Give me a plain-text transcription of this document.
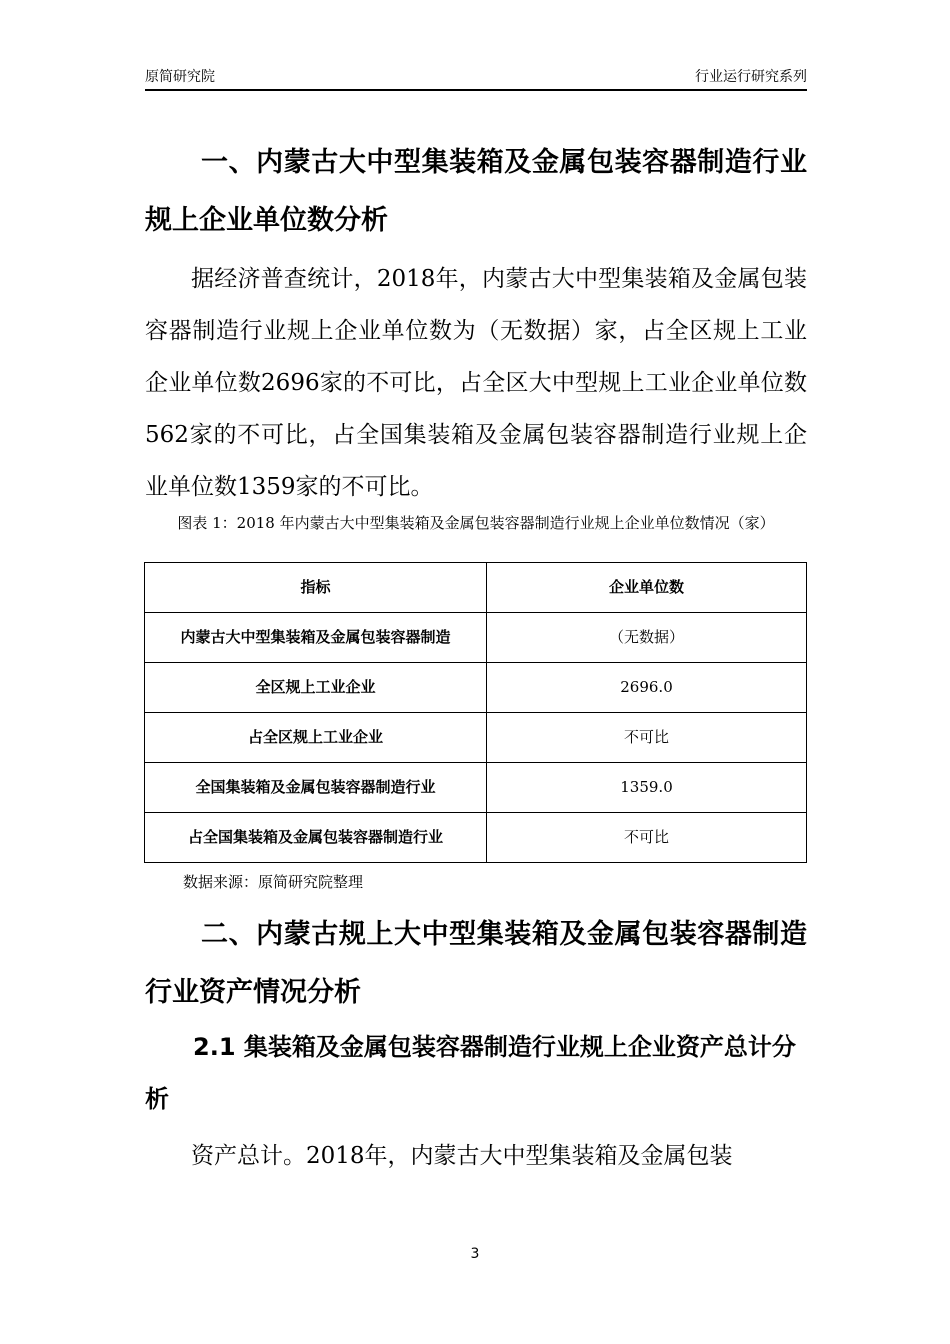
原简研究院	行业运行研究系列
一、内蒙古大中型集装箱及金属包装容器制造行业规上企业单位数分析

据经济普查统计，2018年，内蒙古大中型集装箱及金属包装容器制造行业规上企业单位数为（无数据）家，占全区规上工业企业单位数2696家的不可比，占全区大中型规上工业企业单位数562家的不可比，占全国集装箱及金属包装容器制造行业规上企业单位数1359家的不可比。

图表 1：2018 年内蒙古大中型集装箱及金属包装容器制造行业规上企业单位数情况（家）
指标	企业单位数
内蒙古大中型集装箱及金属包装容器制造	（无数据）
全区规上工业企业	2696.0
占全区规上工业企业	不可比
全国集装箱及金属包装容器制造行业	1359.0
占全国集装箱及金属包装容器制造行业	不可比
数据来源：原简研究院整理
二、内蒙古规上大中型集装箱及金属包装容器制造行业资产情况分析
2.1 集装箱及金属包装容器制造行业规上企业资产总计分析

资产总计。2018年，内蒙古大中型集装箱及金属包装

3
